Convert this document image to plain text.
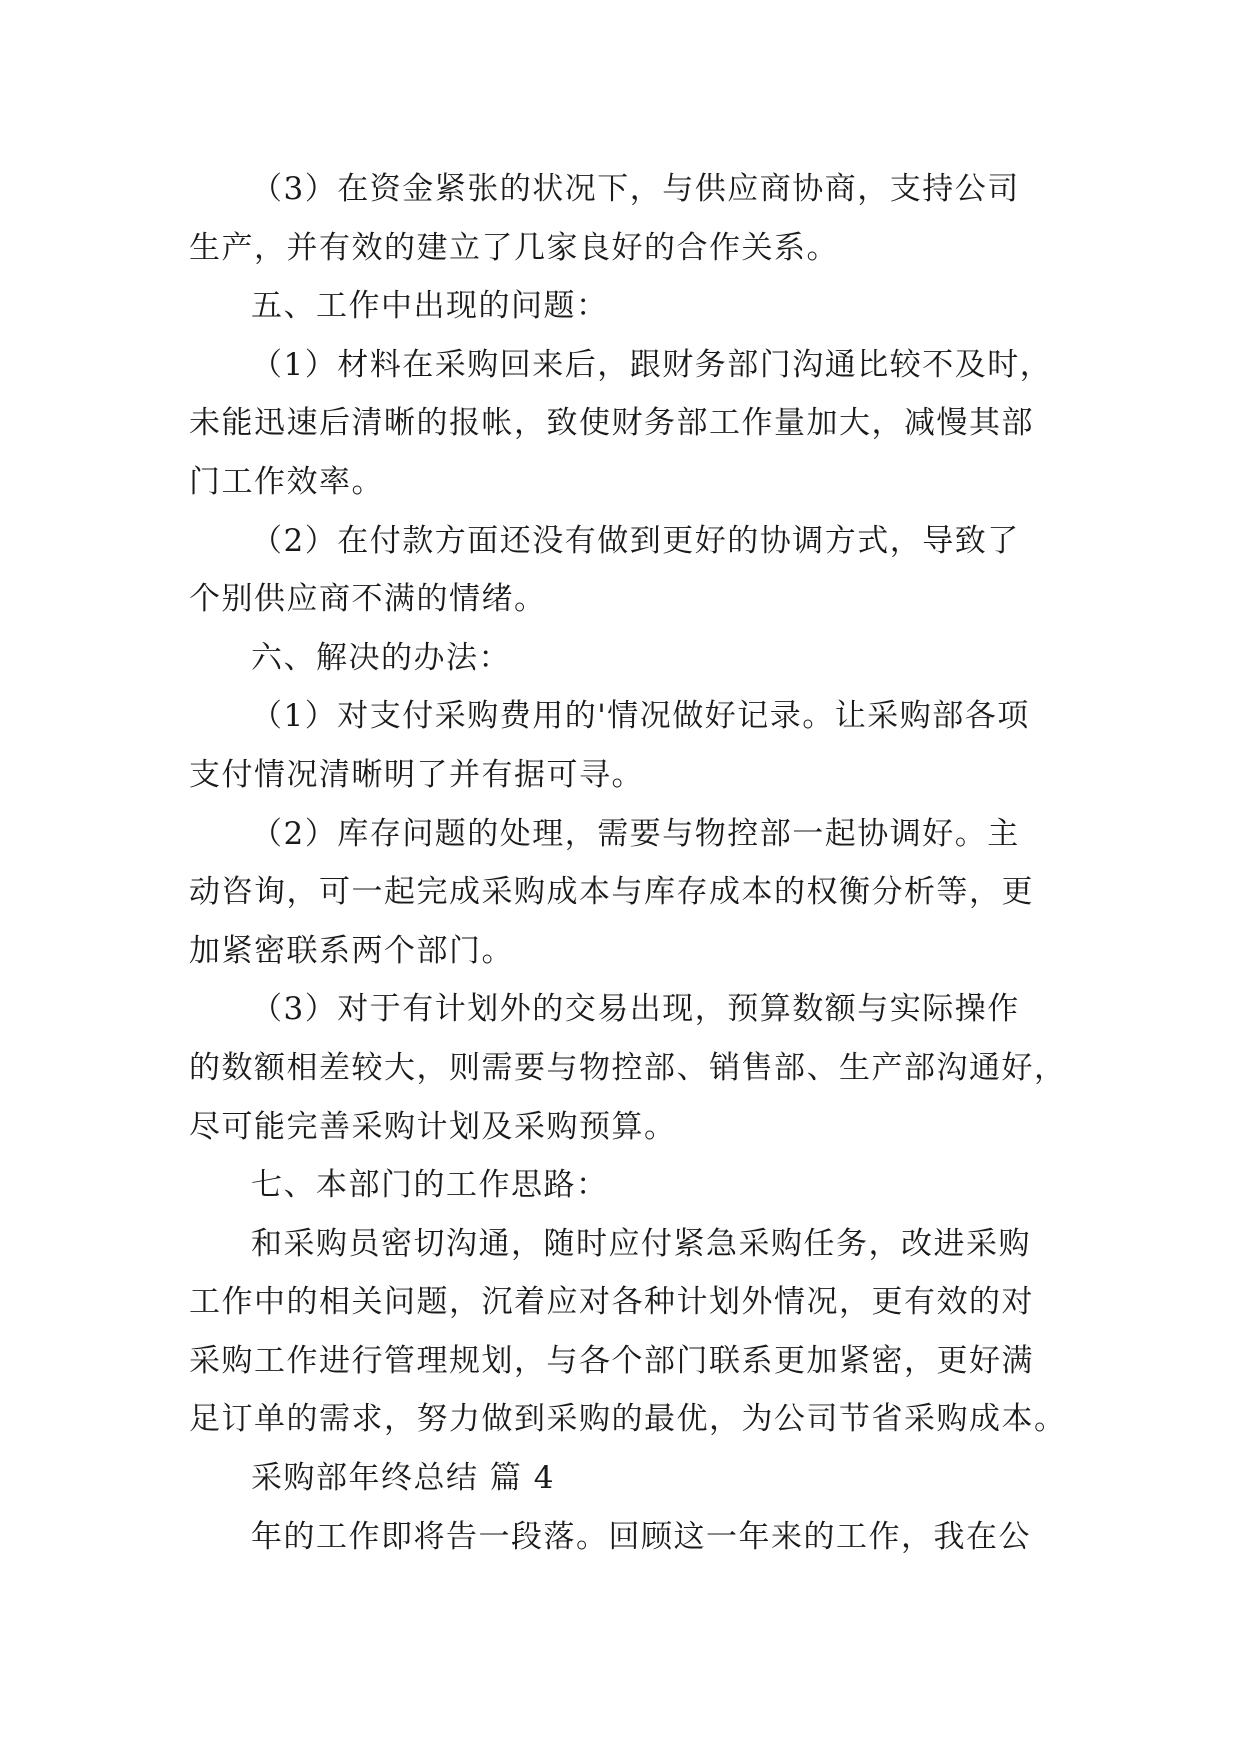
（3）在资金紧张的状况下，与供应商协商，支持公司
生产，并有效的建立了几家良好的合作关系。
五、工作中出现的问题：
（1）材料在采购回来后，跟财务部门沟通比较不及时，
未能迅速后清晰的报帐，致使财务部工作量加大，减慢其部
门工作效率。
（2）在付款方面还没有做到更好的协调方式，导致了
个别供应商不满的情绪。
六、解决的办法：
（1）对支付采购费用的'情况做好记录。让采购部各项
支付情况清晰明了并有据可寻。
（2）库存问题的处理，需要与物控部一起协调好。主
动咨询，可一起完成采购成本与库存成本的权衡分析等，更
加紧密联系两个部门。
（3）对于有计划外的交易出现，预算数额与实际操作
的数额相差较大，则需要与物控部、销售部、生产部沟通好，
尽可能完善采购计划及采购预算。
七、本部门的工作思路：
和采购员密切沟通，随时应付紧急采购任务，改进采购
工作中的相关问题，沉着应对各种计划外情况，更有效的对
采购工作进行管理规划，与各个部门联系更加紧密，更好满
足订单的需求，努力做到采购的最优，为公司节省采购成本。
采购部年终总结 篇 4
年的工作即将告一段落。回顾这一年来的工作，我在公
